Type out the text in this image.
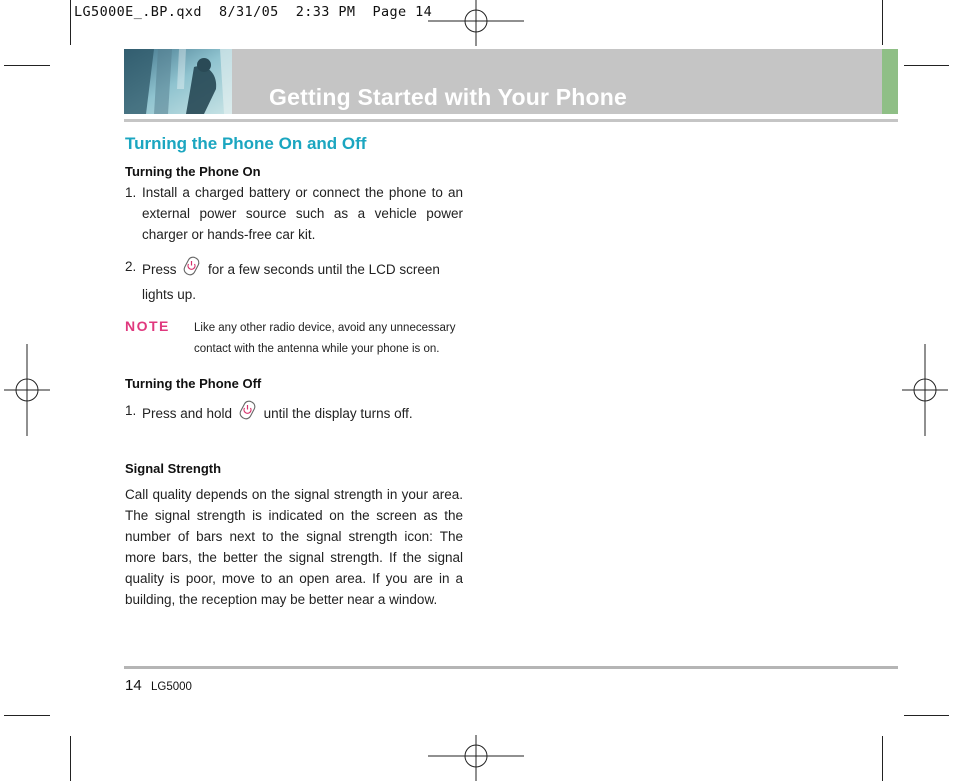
LG5000E_.BP.qxd  8/31/05  2:33 PM  Page 14
Getting Started with Your Phone
Turning the Phone On and Off
Turning the Phone On
1. Install a charged battery or connect the phone to an external power source such as a vehicle power charger or hands-free car kit.
2. Press for a few seconds until the LCD screen lights up.
NOTE Like any other radio device, avoid any unnecessary contact with the antenna while your phone is on.
Turning the Phone Off
1. Press and hold until the display turns off.
Signal Strength
Call quality depends on the signal strength in your area. The signal strength is indicated on the screen as the number of bars next to the signal strength icon: The more bars, the better the signal strength. If the signal quality is poor, move to an open area. If you are in a building, the reception may be better near a window.
14 LG5000
